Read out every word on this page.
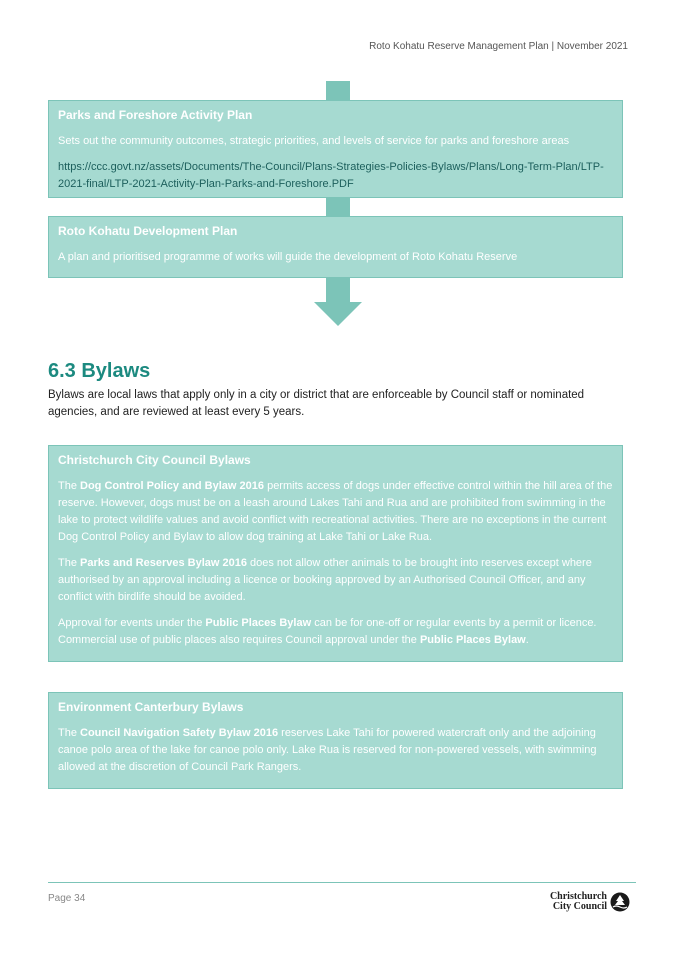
Roto Kohatu Reserve Management Plan | November 2021
Parks and Foreshore Activity Plan

Sets out the community outcomes, strategic priorities, and levels of service for parks and foreshore areas

https://ccc.govt.nz/assets/Documents/The-Council/Plans-Strategies-Policies-Bylaws/Plans/Long-Term-Plan/LTP-2021-final/LTP-2021-Activity-Plan-Parks-and-Foreshore.PDF

Roto Kohatu Development Plan

A plan and prioritised programme of works will guide the development of Roto Kohatu Reserve

6.3 Bylaws

Bylaws are local laws that apply only in a city or district that are enforceable by Council staff or nominated agencies, and are reviewed at least every 5 years.

Christchurch City Council Bylaws

The Dog Control Policy and Bylaw 2016 permits access of dogs under effective control within the hill area of the reserve. However, dogs must be on a leash around Lakes Tahi and Rua and are prohibited from swimming in the lake to protect wildlife values and avoid conflict with recreational activities. There are no exceptions in the current Dog Control Policy and Bylaw to allow dog training at Lake Tahi or Lake Rua.

The Parks and Reserves Bylaw 2016 does not allow other animals to be brought into reserves except where authorised by an approval including a licence or booking approved by an Authorised Council Officer, and any conflict with birdlife should be avoided.

Approval for events under the Public Places Bylaw can be for one-off or regular events by a permit or licence. Commercial use of public places also requires Council approval under the Public Places Bylaw.

Environment Canterbury Bylaws

The Council Navigation Safety Bylaw 2016 reserves Lake Tahi for powered watercraft only and the adjoining canoe polo area of the lake for canoe polo only. Lake Rua is reserved for non-powered vessels, with swimming allowed at the discretion of Council Park Rangers.

Page 34	Christchurch
City Council
